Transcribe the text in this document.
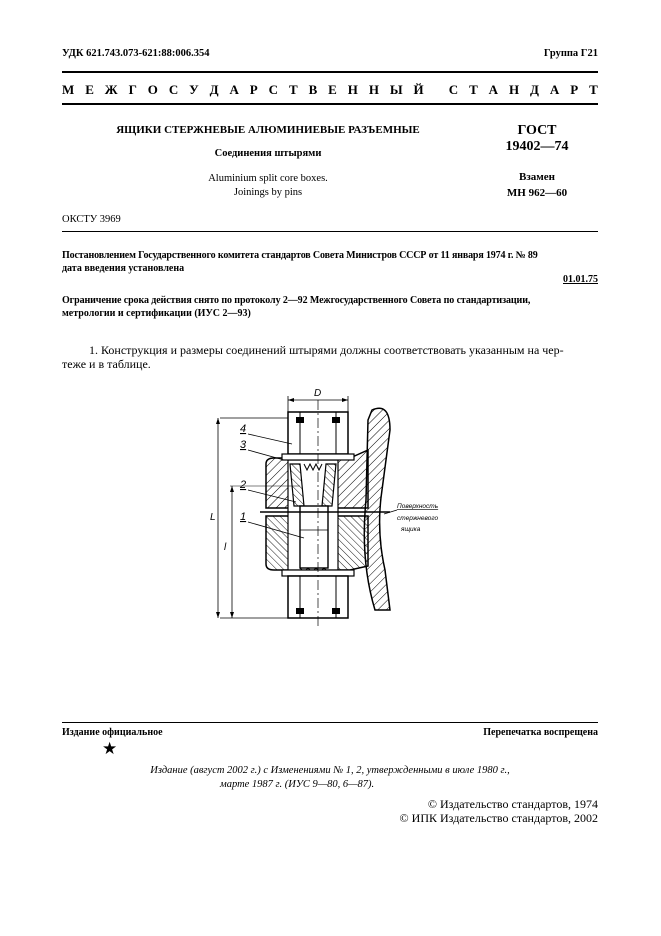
УДК 621.743.073-621:88:006.354	Группа Г21
М Е Ж Г О С У Д А Р С Т В Е Н Н Ы Й
С Т А Н Д А Р Т
ЯЩИКИ СТЕРЖНЕВЫЕ АЛЮМИНИЕВЫЕ РАЗЪЕМНЫЕ
Соединения штырями
Aluminium split core boxes.
Joinings by pins
ГОСТ
19402—74
Взамен
МН 962—60
ОКСТУ 3969
Постановлением Государственного комитета стандартов Совета Министров СССР от 11 января 1974 г. № 89
дата введения установлена
01.01.75
Ограничение срока действия снято по протоколу 2—92 Межгосударственного Совета по стандартизации,
метрологии и сертификации (ИУС 2—93)
1. Конструкция и размеры соединений штырями должны соответствовать указанным на чер-
теже и в таблице.
D
L
l
4
3
2
1
Поверхность
стержневого
ящика
Издание официальное	Перепечатка воспрещена
★
Издание (август 2002 г.) с Изменениями № 1, 2, утвержденными в июле 1980 г.,
марте 1987 г. (ИУС 9—80, 6—87).
© Издательство стандартов, 1974
© ИПК Издательство стандартов, 2002
